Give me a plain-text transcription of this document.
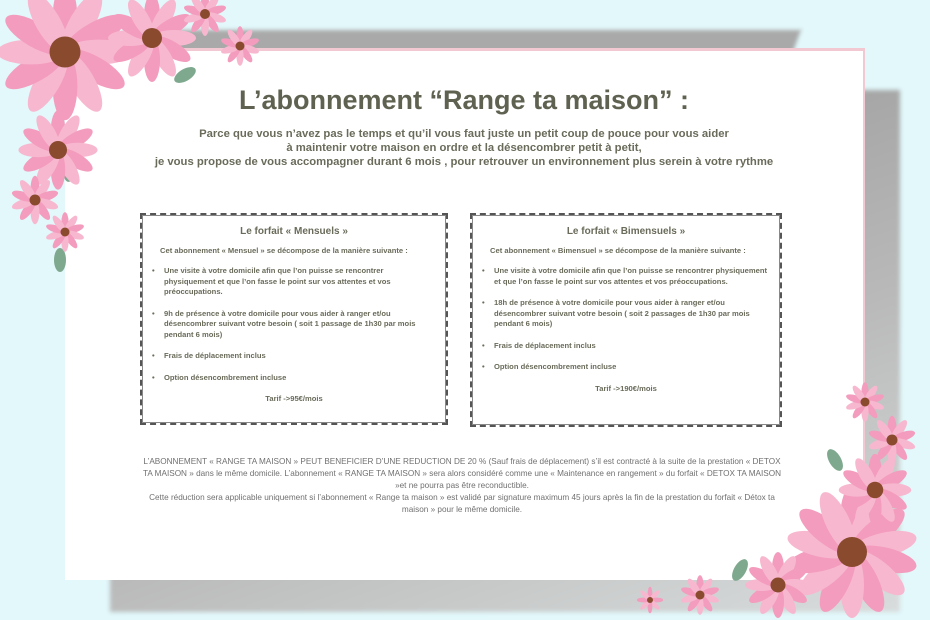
L’abonnement “Range ta maison” :
Parce que vous n’avez pas le temps et qu’il vous faut juste un petit coup de pouce pour vous aider
à maintenir votre maison en ordre et la désencombrer petit à petit,
je vous propose de vous accompagner durant 6 mois , pour retrouver un environnement plus serein à votre rythme
Le forfait « Mensuels »
Cet abonnement « Mensuel » se décompose de la manière suivante :
• Une visite à votre domicile afin que l’on puisse se rencontrer physiquement et que l’on fasse le point sur vos attentes et vos préoccupations.
• 9h de présence à votre domicile pour vous aider à ranger et/ou désencombrer suivant votre besoin ( soit 1 passage de 1h30 par mois pendant 6 mois)
• Frais de déplacement inclus
• Option désencombrement incluse
Tarif ->95€/mois
Le forfait « Bimensuels »
Cet abonnement « Bimensuel » se décompose de la manière suivante :
• Une visite à votre domicile afin que l’on puisse se rencontrer physiquement et que l’on fasse le point sur vos attentes et vos préoccupations.
• 18h de présence à votre domicile pour vous aider à ranger et/ou désencombrer suivant votre besoin ( soit 2 passages de 1h30 par mois pendant 6 mois)
• Frais de déplacement inclus
• Option désencombrement incluse
Tarif ->190€/mois
L’ABONNEMENT « RANGE TA MAISON » PEUT BENEFICIER D’UNE REDUCTION DE 20 % (Sauf frais de déplacement) s’il est contracté à la suite de la prestation « DETOX TA MAISON » dans le même domicile. L’abonnement « RANGE TA MAISON » sera alors considéré comme une « Maintenance en rangement » du forfait « DETOX TA MAISON »et ne pourra pas être reconductible.
Cette réduction sera applicable uniquement si l’abonnement « Range ta maison » est validé par signature maximum 45 jours après la fin de la prestation du forfait « Détox ta maison » pour le même domicile.
